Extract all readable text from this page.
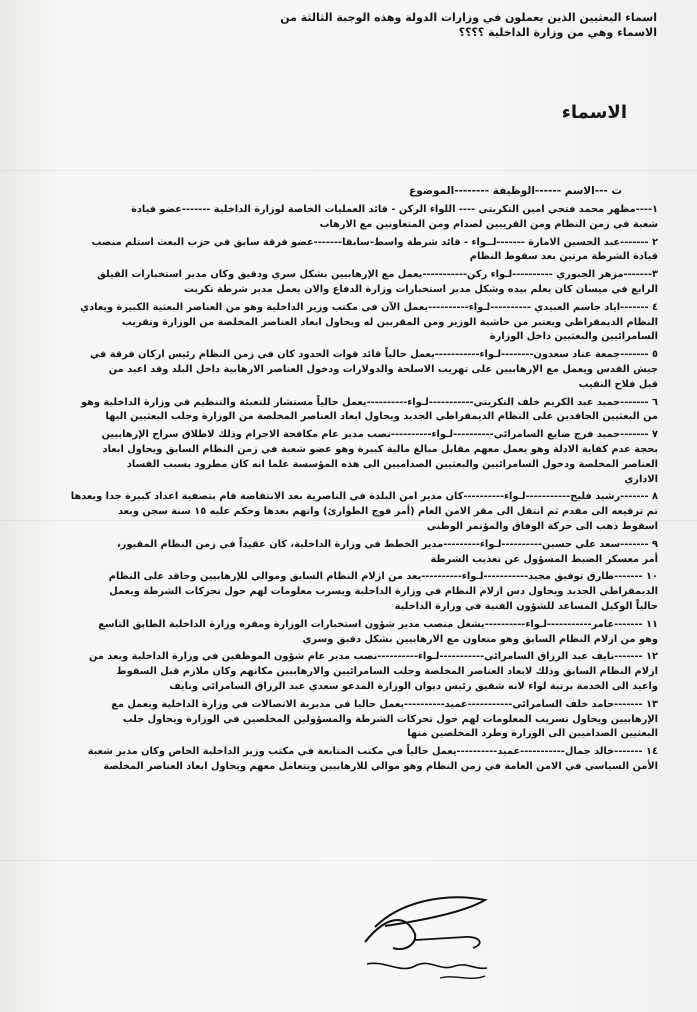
اسماء البعثيين الذين يعملون في وزارات الدولة وهذه الوجبة الثالثة من
الاسماء وهي من وزارة الداخلية ؟؟؟؟
الاسماء
ت ---الاسم ------الوظيفة --------الموضوع

١----مظهر محمد فتحي امين التكريتي ---- اللواء الركن - قائد العمليات الخاصة لوزارة الداخلية -------عضو قيادة

شعبة في زمن النظام ومن القريبين لصدام ومن المتعاونين مع الارهاب

٢ -------عبد الحسين الامارة -------لــواء - قائد شرطة واسط-سابقا-------عضو فرقة سابق في حزب البعث استلم منصب

قيادة الشرطة مرتين بعد سقوط النظام

٣-------مزهر الجبوري ----------لـواء ركن-----------يعمل مع الإرهابيين بشكل سري ودقيق وكان مدير استخبارات الفيلق

الرابع في ميسان كان يعلم بيده وشكل مدير استخبارات وزارة الدفاع والان يعمل مدير شرطة تكريت

٤ -------اياد جاسم العبيدي ----------لـواء----------يعمل الآن في مكتب وزير الداخلية وهو من العناصر البعثية الكبيرة ويعادي

النظام الديمقراطي ويعتبر من حاشية الوزير ومن المقربين له ويحاول ابعاد العناصر المخلصة من الوزارة وتقريب

السامرائيين والبعثيين داخل الوزارة

٥ -------جمعة عناد سعدون--------لـواء-----------يعمل حالياً قائد قوات الحدود كان في زمن النظام رئيس اركان فرقة في

جيش القدس ويعمل مع الإرهابيين على تهريب الاسلحة والدولارات ودخول العناصر الارهابية داخل البلد وقد اعيد من

قبل فلاح النقيب

٦ -------حميد عبد الكريم خلف التكريتي-----------لـواء----------يعمل حالياً مستشار للتعبئة والتنظيم في وزارة الداخلية وهو

من البعثيين الحاقدين على النظام الديمقراطي الجديد ويحاول ابعاد العناصر المخلصة من الوزارة وجلب البعثيين اليها

٧ -------حميد فرج ضايع السامرائي----------لـواء----------نصب مدير عام مكافحة الاجرام وذلك لاطلاق سراح الإرهابيين

بحجة عدم كفاية الادلة وهو يعمل معهم مقابل مبالغ مالية كبيرة وهو عضو شعبة في زمن النظام السابق ويحاول ابعاد

العناصر المخلصة ودخول السامرائيين والبعثيين الصداميين الى هذه المؤسسة علما انه كان مطرود بسبب الفساد

الاداري

٨ -------رشيد فليح-----------لـواء----------كان مدير امن البلدة في الناصرية بعد الانتفاضة قام بتصفية اعداد كبيرة جدا وبعدها

تم ترفيعه الى مقدم ثم انتقل الى مقر الامن العام (أمر فوج الطوارئ) واتهم بعدها وحكم عليه ١٥ سنة سجن وبعد

اسقوط ذهب الى حركة الوفاق والمؤتمر الوطني

٩ -------سعد علي حسين----------لـواء---------مدير الخطط في وزارة الداخلية، كان عقيداً في زمن النظام المقبور،

أمر معسكر الضبط المسؤول عن تعذيب الشرطة

١٠ -------طارق توفيق مجيد-----------لـواء----------يعد من ازلام النظام السابق وموالي للإرهابيين وحاقد على النظام

الديمقراطي الجديد ويحاول دس ازلام النظام في وزارة الداخلية ويسرب معلومات لهم حول تحركات الشرطة ويعمل

حالياً الوكيل المساعد للشؤون الفنية في وزارة الداخلية

١١ -------عامر-----------لـواء----------يشغل منصب مدير شؤون استخبارات الوزارة ومقره وزارة الداخلية الطابق التاسع

وهو من ازلام النظام السابق وهو متعاون مع الارهابيين بشكل دقيق وسري

١٢ -------نايف عبد الرزاق السامرائي-----------لـواء----------نصب مدير عام شؤون الموظفين في وزارة الداخلية ويعد من

ازلام النظام السابق وذلك لابعاد العناصر المخلصة وجلب السامرائيين والارهابيين مكانهم وكان ملازم قبل السقوط

واعيد الى الخدمة برتبة لواء لانه شقيق رئيس ديوان الوزارة المدعو سعدي عبد الرزاق السامرائي ونايف

١٣ -------حامد خلف السامرائي-----------عميد----------يعمل حاليا في مديرية الاتصالات في وزارة الداخلية ويعمل مع

الإرهابيين ويحاول تسريب المعلومات لهم حول تحركات الشرطة والمسؤولين المخلصين في الوزارة ويحاول جلب

البعثيين الصداميين الى الوزارة وطرد المخلصين منها

١٤ -------خالد جمال-----------عميد----------يعمل حالياً في مكتب المتابعة في مكتب وزير الداخلية الخاص وكان مدير شعبة

الأمن السياسي في الامن العامة في زمن النظام وهو موالي للارهابيين ويتعامل معهم ويحاول ابعاد العناصر المخلصة
